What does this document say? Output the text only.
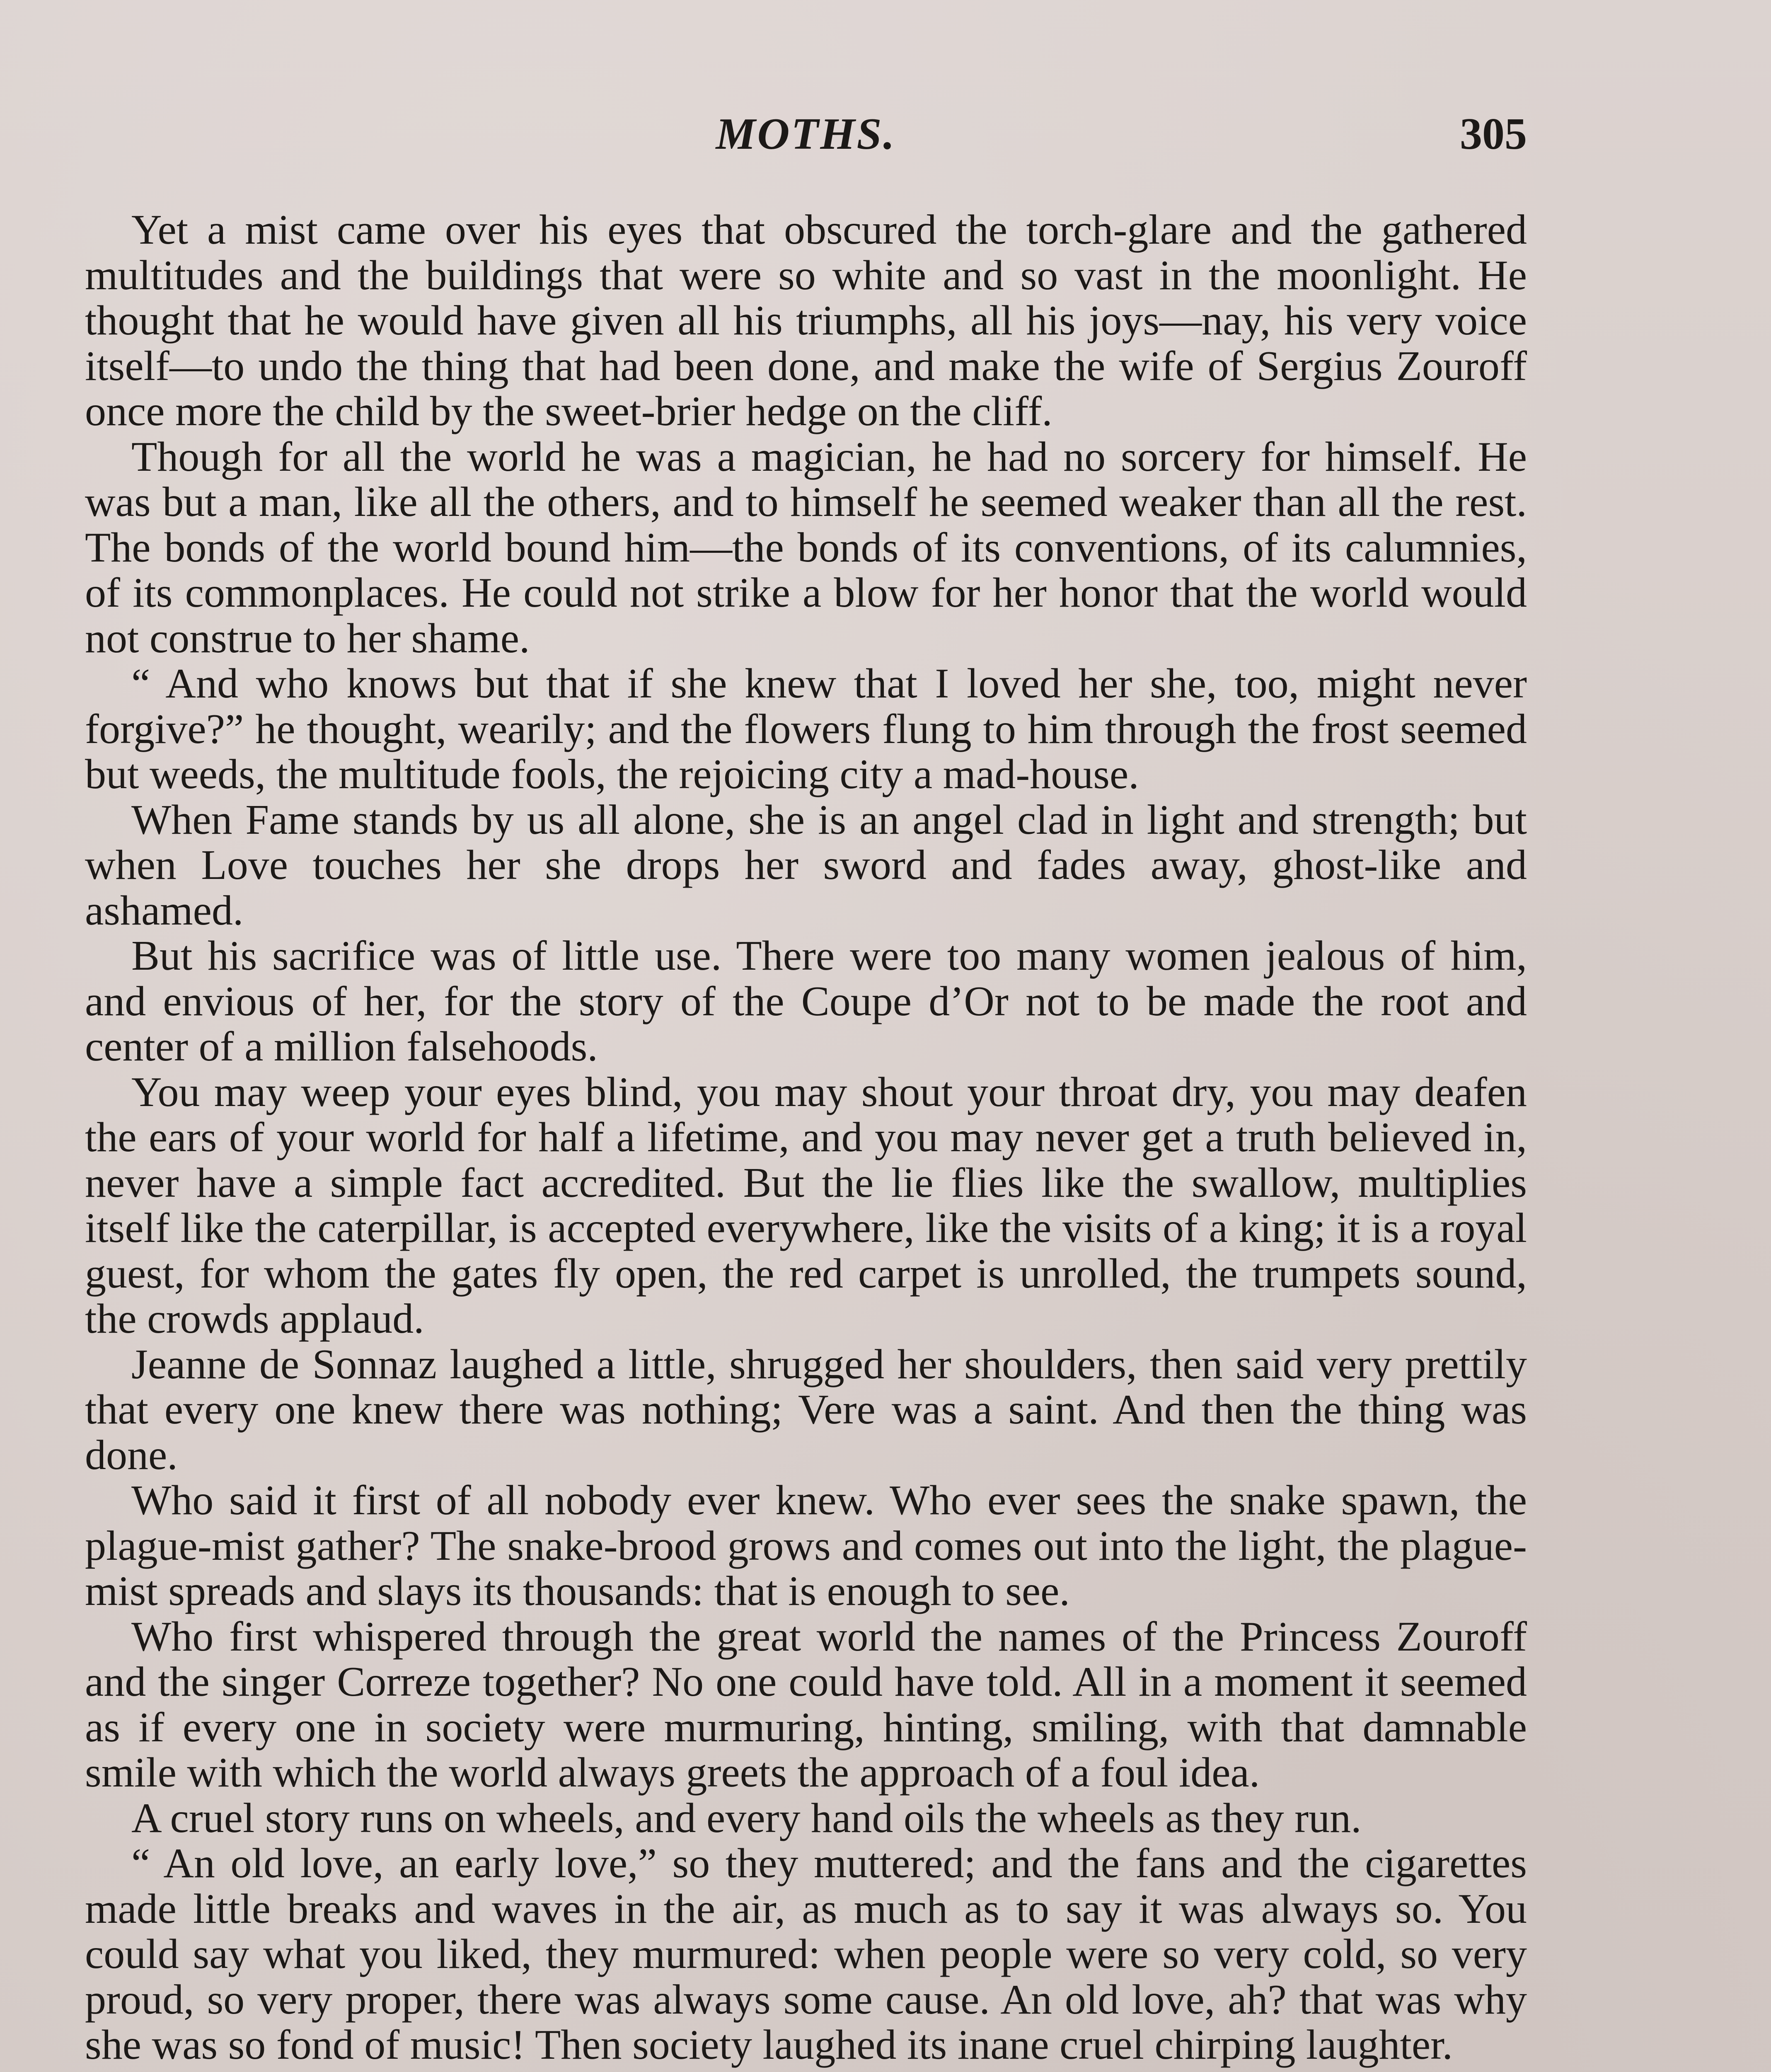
MOTHS.	305

Yet a mist came over his eyes that obscured the torch-glare and the gathered multitudes and the buildings that were so white and so vast in the moonlight. He thought that he would have given all his triumphs, all his joys—nay, his very voice itself—to undo the thing that had been done, and make the wife of Sergius Zouroff once more the child by the sweet-brier hedge on the cliff.

Though for all the world he was a magician, he had no sorcery for himself. He was but a man, like all the others, and to himself he seemed weaker than all the rest. The bonds of the world bound him—the bonds of its conventions, of its calumnies, of its commonplaces. He could not strike a blow for her honor that the world would not construe to her shame.

“ And who knows but that if she knew that I loved her she, too, might never forgive?” he thought, wearily; and the flowers flung to him through the frost seemed but weeds, the multitude fools, the rejoicing city a mad-house.

When Fame stands by us all alone, she is an angel clad in light and strength; but when Love touches her she drops her sword and fades away, ghost-like and ashamed.

But his sacrifice was of little use. There were too many women jealous of him, and envious of her, for the story of the Coupe d’Or not to be made the root and center of a million falsehoods.

You may weep your eyes blind, you may shout your throat dry, you may deafen the ears of your world for half a lifetime, and you may never get a truth believed in, never have a simple fact accredited. But the lie flies like the swallow, multiplies itself like the caterpillar, is accepted everywhere, like the visits of a king; it is a royal guest, for whom the gates fly open, the red carpet is unrolled, the trumpets sound, the crowds applaud.

Jeanne de Sonnaz laughed a little, shrugged her shoulders, then said very prettily that every one knew there was nothing; Vere was a saint. And then the thing was done.

Who said it first of all nobody ever knew. Who ever sees the snake spawn, the plague-mist gather? The snake-brood grows and comes out into the light, the plague-mist spreads and slays its thousands: that is enough to see.

Who first whispered through the great world the names of the Princess Zouroff and the singer Correze together? No one could have told. All in a moment it seemed as if every one in society were murmuring, hinting, smiling, with that damnable smile with which the world always greets the approach of a foul idea.

A cruel story runs on wheels, and every hand oils the wheels as they run.

“ An old love, an early love,” so they muttered; and the fans and the cigarettes made little breaks and waves in the air, as much as to say it was always so. You could say what you liked, they murmured: when people were so very cold, so very proud, so very proper, there was always some cause. An old love, ah? that was why she was so fond of music! Then society laughed its inane cruel chirping laughter.
